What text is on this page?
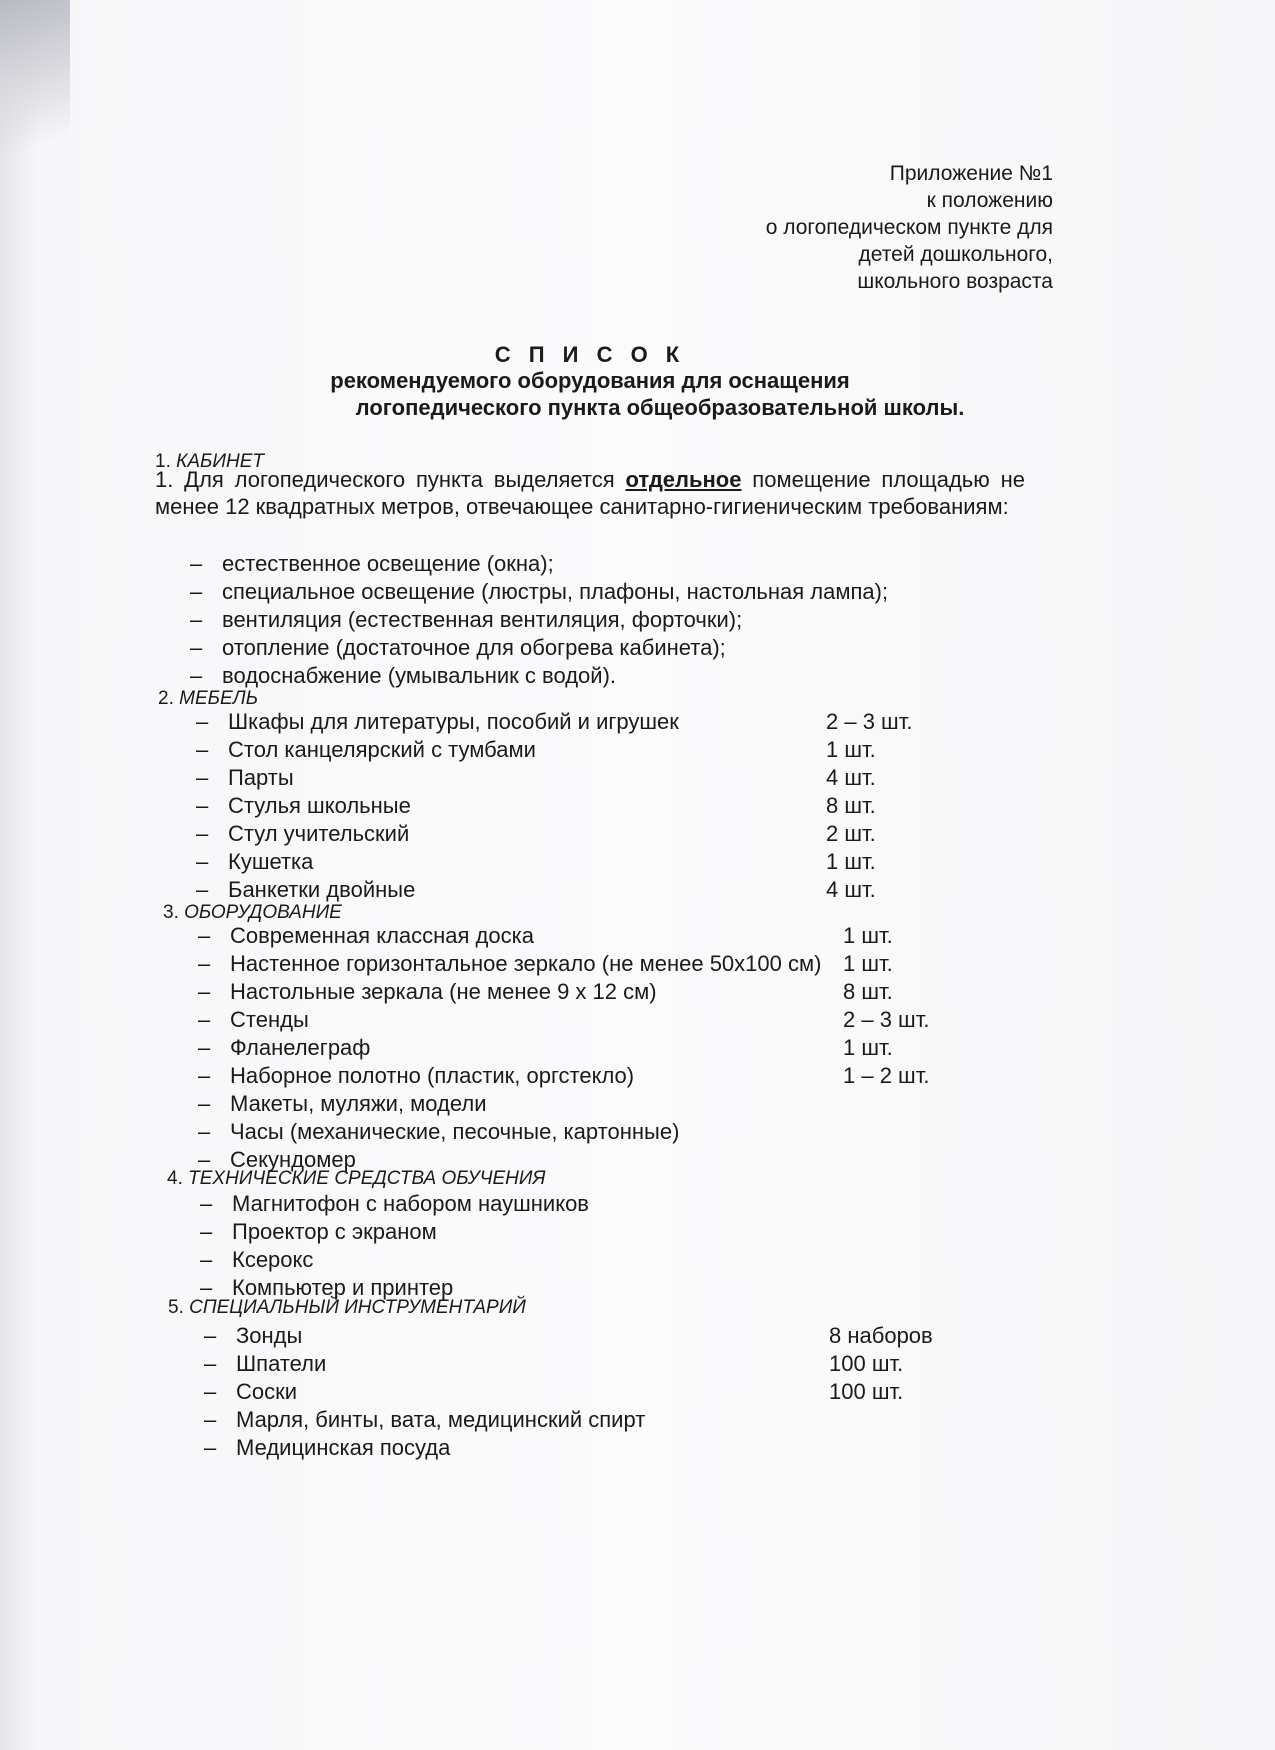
Приложение №1
к положению
о логопедическом пункте для
детей дошкольного,
школьного возраста
С П И С О К
рекомендуемого оборудования для оснащения
логопедического пункта общеобразовательной школы.
1. КАБИНЕТ
1. Для логопедического пункта выделяется отдельное помещение площадью не менее 12 квадратных метров, отвечающее санитарно-гигиеническим требованиям:
– естественное освещение (окна);
– специальное освещение (люстры, плафоны, настольная лампа);
– вентиляция (естественная вентиляция, форточки);
– отопление (достаточное для обогрева кабинета);
– водоснабжение (умывальник с водой).
2. МЕБЕЛЬ
– Шкафы для литературы, пособий и игрушек	2 – 3 шт.
– Стол канцелярский с тумбами	1 шт.
– Парты	4 шт.
– Стулья школьные	8 шт.
– Стул учительский	2 шт.
– Кушетка	1 шт.
– Банкетки двойные	4 шт.
3. ОБОРУДОВАНИЕ
– Современная классная доска	1 шт.
– Настенное горизонтальное зеркало (не менее 50х100 см) 1 шт.
– Настольные зеркала (не менее 9 х 12 см)	8 шт.
– Стенды	2 – 3 шт.
– Фланелеграф	1 шт.
– Наборное полотно (пластик, оргстекло)	1 – 2 шт.
– Макеты, муляжи, модели
– Часы (механические, песочные, картонные)
– Секундомер
4. ТЕХНИЧЕСКИЕ СРЕДСТВА ОБУЧЕНИЯ
– Магнитофон с набором наушников
– Проектор с экраном
– Ксерокс
– Компьютер и принтер
5. СПЕЦИАЛЬНЫЙ ИНСТРУМЕНТАРИЙ
– Зонды	8 наборов
– Шпатели	100 шт.
– Соски	100 шт.
– Марля, бинты, вата, медицинский спирт
– Медицинская посуда
